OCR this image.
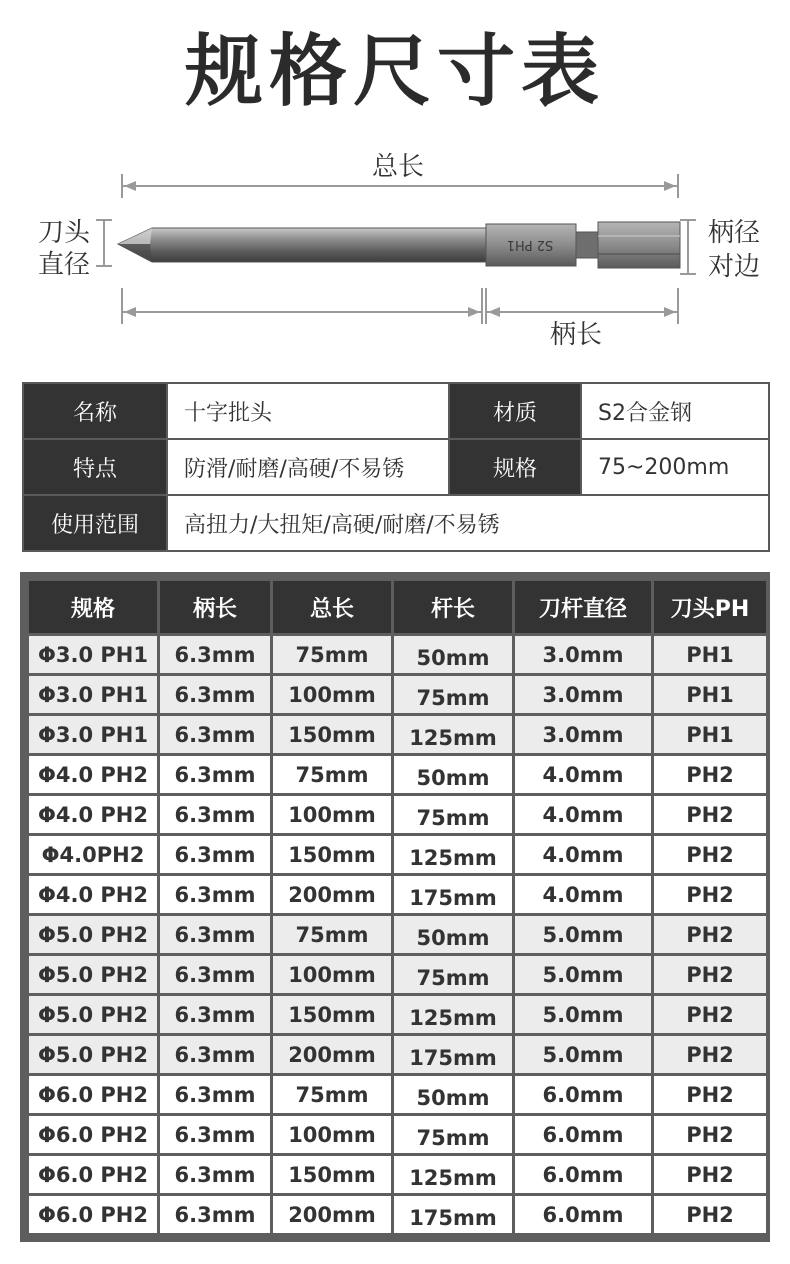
规格尺寸表
S2 PH1
总长
刀头
直径
柄径
对边
柄长
名称	十字批头	材质	S2合金钢
特点	防滑/耐磨/高硬/不易锈	规格	75~200mm
使用范围	高扭力/大扭矩/高硬/耐磨/不易锈		
规格	柄长	总长	杆长	刀杆直径	刀头PH
Φ3.0 PH1	6.3mm	75mm	50mm	3.0mm	PH1
Φ3.0 PH1	6.3mm	100mm	75mm	3.0mm	PH1
Φ3.0 PH1	6.3mm	150mm	125mm	3.0mm	PH1
Φ4.0 PH2	6.3mm	75mm	50mm	4.0mm	PH2
Φ4.0 PH2	6.3mm	100mm	75mm	4.0mm	PH2
Φ4.0PH2	6.3mm	150mm	125mm	4.0mm	PH2
Φ4.0 PH2	6.3mm	200mm	175mm	4.0mm	PH2
Φ5.0 PH2	6.3mm	75mm	50mm	5.0mm	PH2
Φ5.0 PH2	6.3mm	100mm	75mm	5.0mm	PH2
Φ5.0 PH2	6.3mm	150mm	125mm	5.0mm	PH2
Φ5.0 PH2	6.3mm	200mm	175mm	5.0mm	PH2
Φ6.0 PH2	6.3mm	75mm	50mm	6.0mm	PH2
Φ6.0 PH2	6.3mm	100mm	75mm	6.0mm	PH2
Φ6.0 PH2	6.3mm	150mm	125mm	6.0mm	PH2
Φ6.0 PH2	6.3mm	200mm	175mm	6.0mm	PH2
